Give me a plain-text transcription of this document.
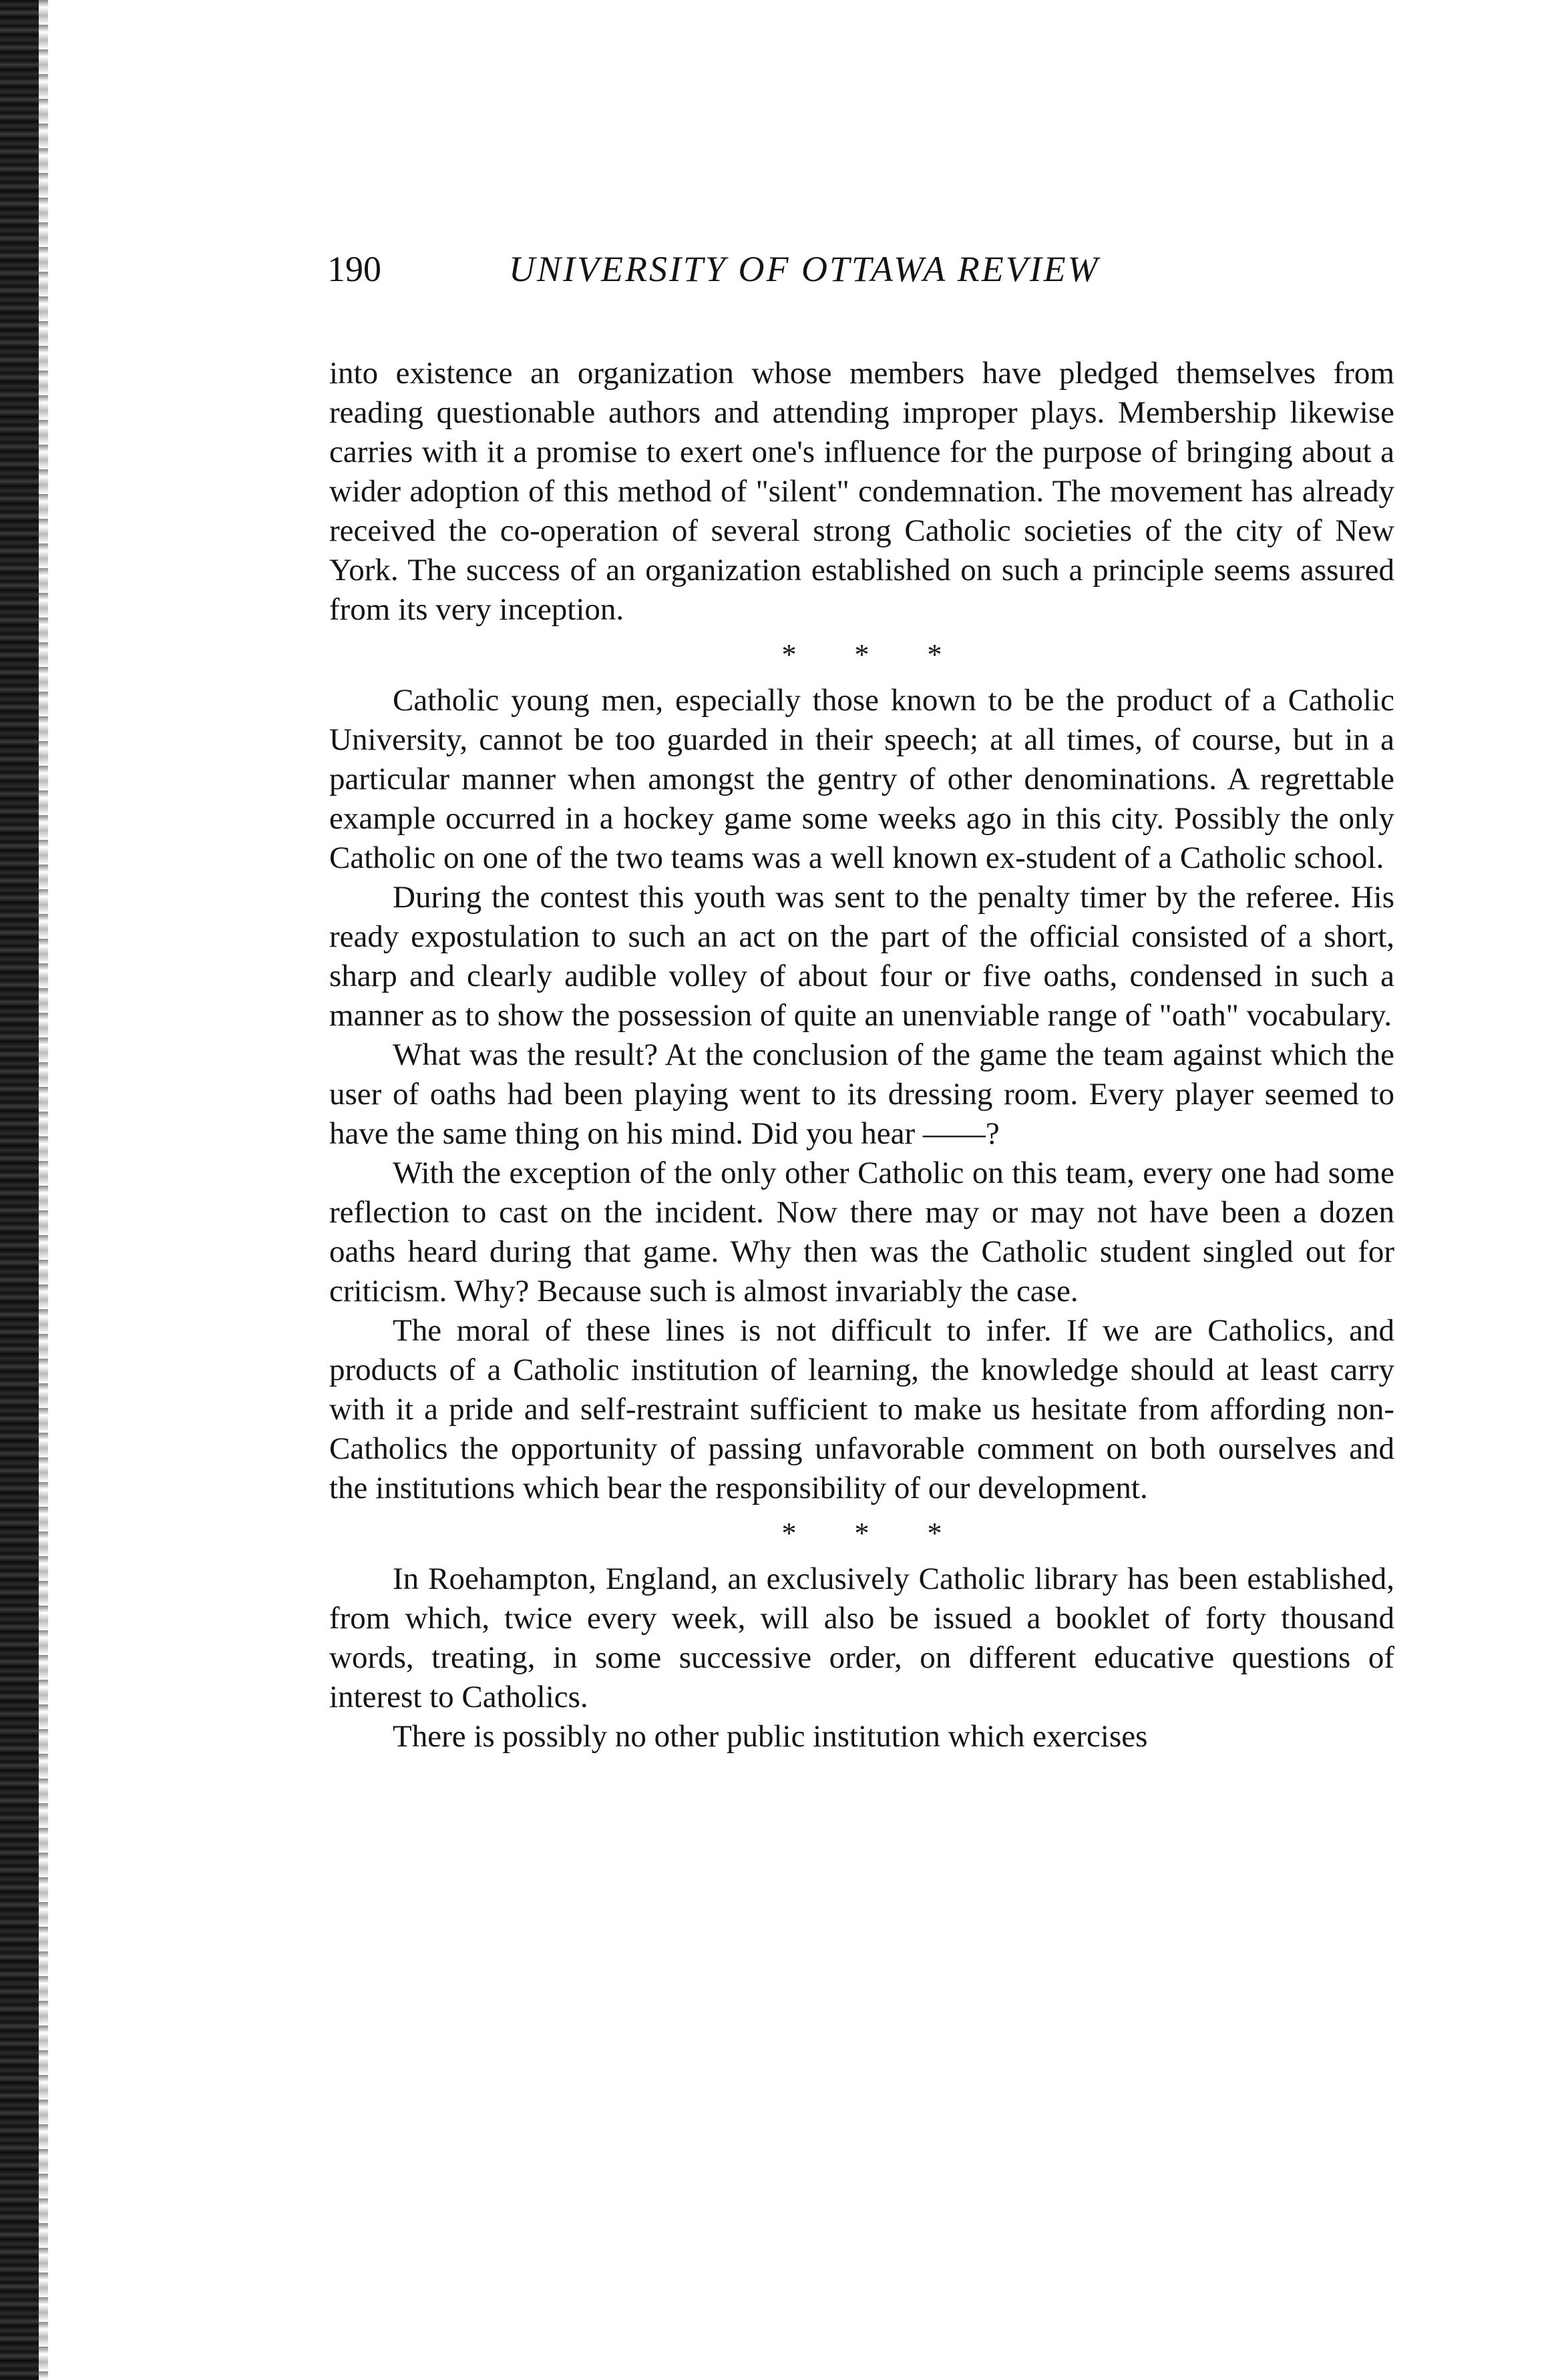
190	UNIVERSITY OF OTTAWA REVIEW

into existence an organization whose members have pledged themselves from reading questionable authors and attending improper plays. Membership likewise carries with it a promise to exert one's influence for the purpose of bringing about a wider adoption of this method of "silent" condemnation. The movement has already received the co-operation of several strong Catholic societies of the city of New York. The success of an organization established on such a principle seems assured from its very inception.

* * *

Catholic young men, especially those known to be the product of a Catholic University, cannot be too guarded in their speech; at all times, of course, but in a particular manner when amongst the gentry of other denominations. A regrettable example occurred in a hockey game some weeks ago in this city. Possibly the only Catholic on one of the two teams was a well known ex-student of a Catholic school.

During the contest this youth was sent to the penalty timer by the referee. His ready expostulation to such an act on the part of the official consisted of a short, sharp and clearly audible volley of about four or five oaths, condensed in such a manner as to show the possession of quite an unenviable range of "oath" vocabulary.

What was the result? At the conclusion of the game the team against which the user of oaths had been playing went to its dressing room. Every player seemed to have the same thing on his mind. Did you hear ——?

With the exception of the only other Catholic on this team, every one had some reflection to cast on the incident. Now there may or may not have been a dozen oaths heard during that game. Why then was the Catholic student singled out for criticism. Why? Because such is almost invariably the case.

The moral of these lines is not difficult to infer. If we are Catholics, and products of a Catholic institution of learning, the knowledge should at least carry with it a pride and self-restraint sufficient to make us hesitate from affording non-Catholics the opportunity of passing unfavorable comment on both ourselves and the institutions which bear the responsibility of our development.

* * *

In Roehampton, England, an exclusively Catholic library has been established, from which, twice every week, will also be issued a booklet of forty thousand words, treating, in some successive order, on different educative questions of interest to Catholics.

There is possibly no other public institution which exercises
